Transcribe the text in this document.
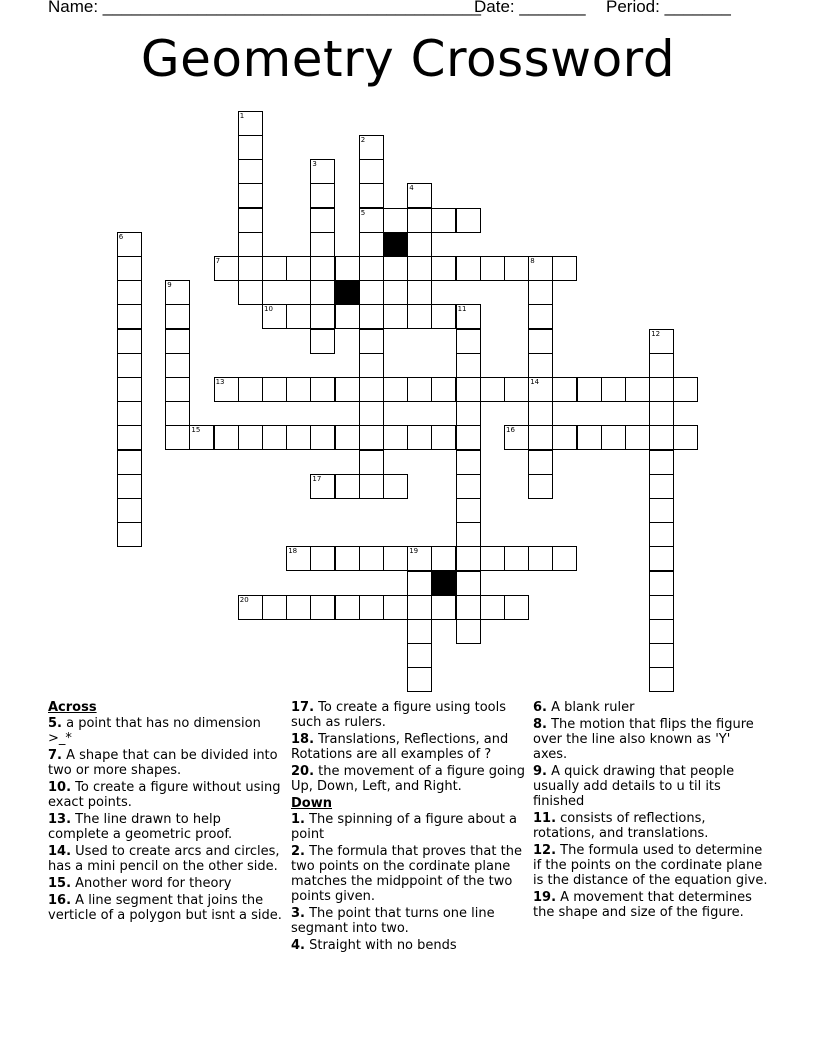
Name: ________________________________________
Date: _______ Period: _______
Geometry Crossword
1
2
5
3
4
6
7	8
9
14
10	11
12
13
15	16
17
18	19
20
Across
5. a point that has no dimension >_*
7. A shape that can be divided into two or more shapes.
10. To create a figure without using exact points.
13. The line drawn to help complete a geometric proof.
14. Used to create arcs and circles, has a mini pencil on the other side.
15. Another word for theory
16. A line segment that joins the verticle of a polygon but isnt a side.
17. To create a figure using tools such as rulers.
18. Translations, Reflections, and Rotations are all examples of ?
20. the movement of a figure going Up, Down, Left, and Right.
Down
1. The spinning of a figure about a point
2. The formula that proves that the two points on the cordinate plane matches the midppoint of the two points given.
3. The point that turns one line segmant into two.
4. Straight with no bends
6. A blank ruler
8. The motion that flips the figure over the line also known as 'Y' axes.
9. A quick drawing that people usually add details to u til its finished
11. consists of reflections, rotations, and translations.
12. The formula used to determine if the points on the cordinate plane is the distance of the equation give.
19. A movement that determines the shape and size of the figure.
